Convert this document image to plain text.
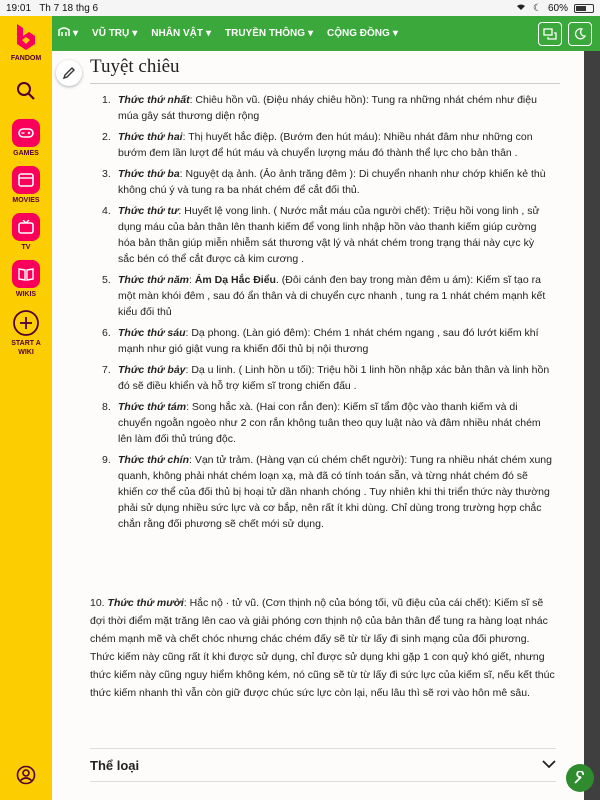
19:01 Th 7 18 thg 6	☾ 60%
FANDOM
GAMES
MOVIES
TV
WIKIS
START A WIKI
▾ VŨ TRỤ ▾ NHÂN VẬT ▾ TRUYỀN THÔNG ▾ CỘNG ĐỒNG ▾
Tuyệt chiêu
1. Thức thứ nhất: Chiêu hồn vũ. (Điệu nháy chiêu hồn): Tung ra những nhát chém như điệu múa gây sát thương diện rộng
2. Thức thứ hai: Thị huyết hắc điệp. (Bướm đen hút máu): Nhiều nhát đâm như những con bướm đem lần lượt để hút máu và chuyển lượng máu đó thành thể lực cho bản thân .
3. Thức thứ ba: Nguyệt dạ ảnh. (Ảo ảnh trăng đêm ): Di chuyển nhanh như chớp khiến kẻ thù không chú ý và tung ra ba nhát chém để cắt đối thủ.
4. Thức thứ tư: Huyết lệ vong linh. ( Nước mắt máu của người chết): Triệu hồi vong linh , sử dụng máu của bản thân lên thanh kiếm để vong linh nhập hồn vào thanh kiếm giúp cường hóa bản thân giúp miễn nhiễm sát thương vật lý và nhát chém trong trạng thái này cực kỳ sắc bén có thể cắt được cả kim cương .
5. Thức thứ năm: Ám Dạ Hắc Điểu. (Đôi cánh đen bay trong màn đêm u ám): Kiếm sĩ tạo ra một màn khói đêm , sau đó ẩn thân và di chuyển cực nhanh , tung ra 1 nhát chém mạnh kết kiểu đối thủ
6. Thức thứ sáu: Dạ phong. (Làn gió đêm): Chém 1 nhát chém ngang , sau đó lướt kiếm khí mạnh như gió giật vung ra khiến đối thủ bị nội thương
7. Thức thứ bảy: Dạ u linh. ( Linh hồn u tối): Triệu hồi 1 linh hồn nhập xác bản thân và linh hồn đó sẽ điều khiển và hỗ trợ kiếm sĩ trong chiến đấu .
8. Thức thứ tám: Song hắc xà. (Hai con rắn đen): Kiếm sĩ tẩm độc vào thanh kiếm và di chuyển ngoằn ngoèo như 2 con rắn không tuân theo quy luật nào và đâm nhiều nhát chém lên làm đối thủ trúng độc.
9. Thức thứ chín: Vạn tử trảm. (Hàng vạn cú chém chết người): Tung ra nhiều nhát chém xung quanh, không phải nhát chém loạn xạ, mà đã có tính toán sẵn, và từng nhát chém đó sẽ khiến cơ thể của đối thủ bị hoại tử dần nhanh chóng . Tuy nhiên khi thi triển thức này thường phải sử dụng nhiều sức lực và cơ bắp, nên rất ít khi dùng. Chỉ dùng trong trường hợp chắc chắn rằng đối phương sẽ chết mới sử dụng.
10. Thức thứ mười: Hắc nộ · tử vũ. (Cơn thịnh nộ của bóng tối, vũ điệu của cái chết): Kiếm sĩ sẽ đợi thời điểm mặt trăng lên cao và giải phóng cơn thịnh nộ của bản thân để tung ra hàng loạt nhác chém mạnh mẽ và chết chóc nhưng chác chém đấy sẽ từ từ lấy đi sinh mạng của đối phương. Thức kiếm này cũng rất ít khi được sử dụng, chỉ được sử dụng khi gặp 1 con quỷ khó giết, nhưng thức kiếm này cũng nguy hiểm không kém, nó cũng sẽ từ từ lấy đi sức lực của kiếm sĩ, nếu kết thúc thức kiếm nhanh thì vẫn còn giữ được chúc sức lực còn lại, nếu lâu thì sẽ rơi vào hôn mê sâu.
Thể loại
